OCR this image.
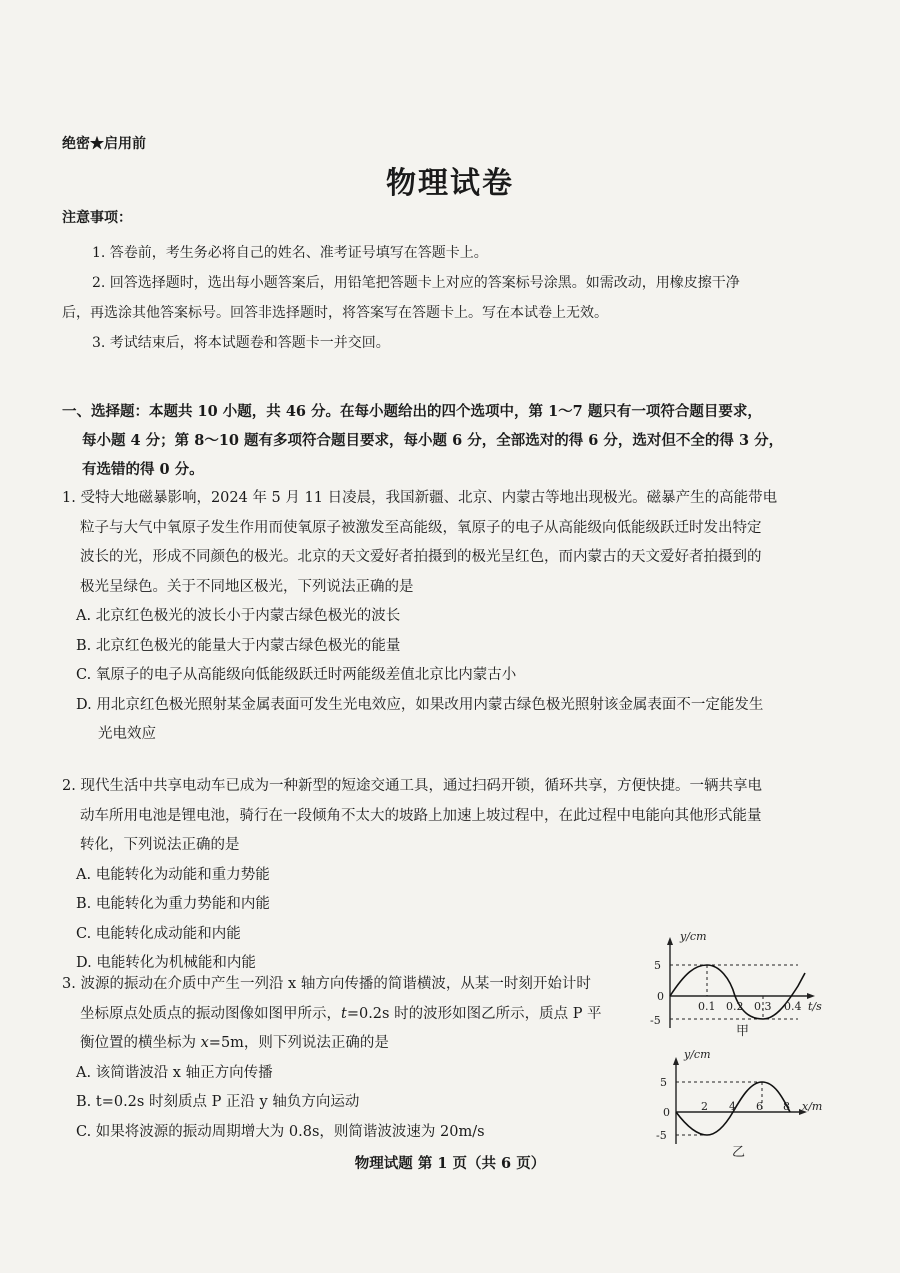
绝密★启用前
物理试卷
注意事项：

1. 答卷前，考生务必将自己的姓名、准考证号填写在答题卡上。

2. 回答选择题时，选出每小题答案后，用铅笔把答题卡上对应的答案标号涂黑。如需改动，用橡皮擦干净

后，再选涂其他答案标号。回答非选择题时，将答案写在答题卡上。写在本试卷上无效。

3. 考试结束后，将本试题卷和答题卡一并交回。

一、选择题：本题共 10 小题，共 46 分。在每小题给出的四个选项中，第 1～7 题只有一项符合题目要求，
每小题 4 分；第 8～10 题有多项符合题目要求，每小题 6 分，全部选对的得 6 分，选对但不全的得 3 分，
有选错的得 0 分。

1. 受特大地磁暴影响，2024 年 5 月 11 日凌晨，我国新疆、北京、内蒙古等地出现极光。磁暴产生的高能带电

粒子与大气中氧原子发生作用而使氧原子被激发至高能级，氧原子的电子从高能级向低能级跃迁时发出特定

波长的光，形成不同颜色的极光。北京的天文爱好者拍摄到的极光呈红色，而内蒙古的天文爱好者拍摄到的

极光呈绿色。关于不同地区极光，下列说法正确的是

A. 北京红色极光的波长小于内蒙古绿色极光的波长

B. 北京红色极光的能量大于内蒙古绿色极光的能量

C. 氧原子的电子从高能级向低能级跃迁时两能级差值北京比内蒙古小

D. 用北京红色极光照射某金属表面可发生光电效应，如果改用内蒙古绿色极光照射该金属表面不一定能发生

光电效应

2. 现代生活中共享电动车已成为一种新型的短途交通工具，通过扫码开锁，循环共享，方便快捷。一辆共享电

动车所用电池是锂电池，骑行在一段倾角不太大的坡路上加速上坡过程中，在此过程中电能向其他形式能量

转化，下列说法正确的是

A. 电能转化为动能和重力势能

B. 电能转化为重力势能和内能

C. 电能转化成动能和内能

D. 电能转化为机械能和内能

3. 波源的振动在介质中产生一列沿 x 轴方向传播的简谐横波，从某一时刻开始计时

坐标原点处质点的振动图像如图甲所示，t=0.2s 时的波形如图乙所示，质点 P 平

衡位置的横坐标为 x=5m，则下列说法正确的是

A. 该简谐波沿 x 轴正方向传播

B. t=0.2s 时刻质点 P 正沿 y 轴负方向运动

C. 如果将波源的振动周期增大为 0.8s，则简谐波波速为 20m/s

y/cm
5
0
-5
0.1 0.2 0.3 0.4 t/s
甲
y/cm
5
0
-5
2 4 6 8 x/m
乙
物理试题 第 1 页（共 6 页）
